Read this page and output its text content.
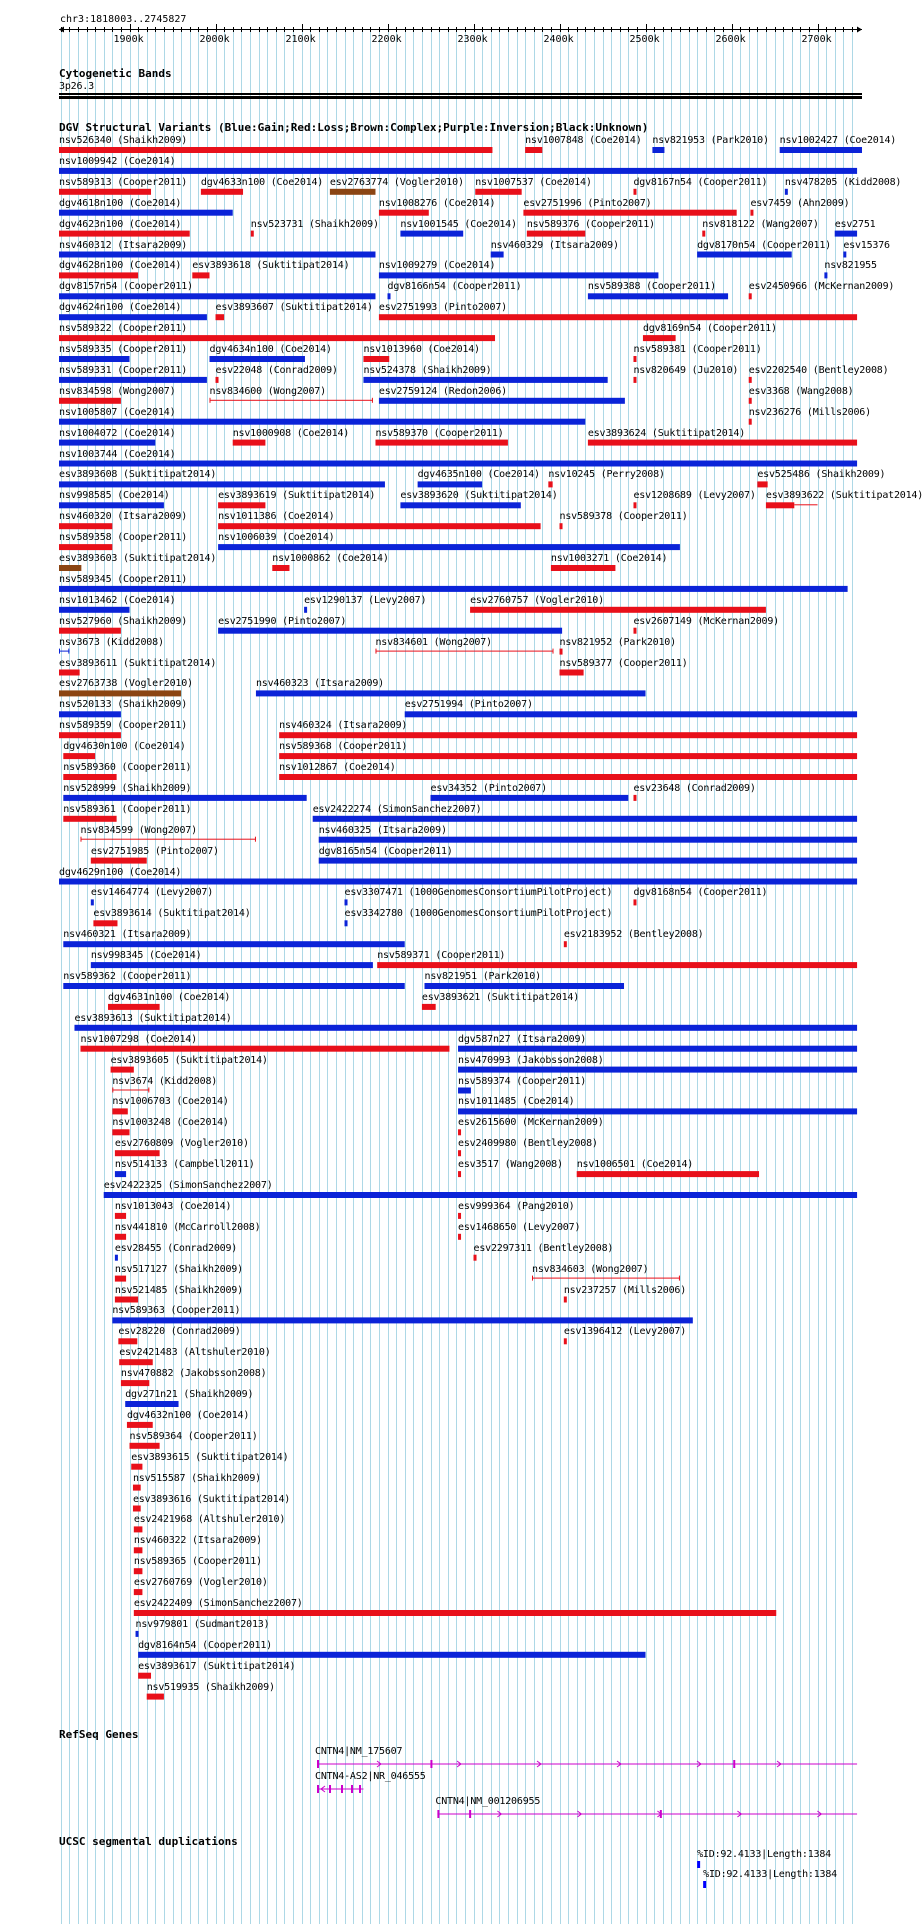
chr3:1818003..2745827
1900k	2000k	2100k	2200k	2300k	2400k	2500k	2600k	2700k
Cytogenetic Bands
3p26.3
DGV Structural Variants (Blue:Gain;Red:Loss;Brown:Complex;Purple:Inversion;Black:Unknown)
nsv526340 (Shaikh2009)	nsv1007848 (Coe2014) nsv821953 (Park2010) nsv1002427 (Coe2014)
nsv1009942 (Coe2014)
nsv589313 (Cooper2011) dgv4633n100 (Coe2014) esv2763774 (Vogler2010)
nsv1008276 (Coe2014)
nsv1007537 (Coe2014)	dgv8167n54 (Cooper2011) nsv478205 (Kidd2008)
dgv4618n100 (Coe2014)
nsv523731 (Shaikh2009)
esv2751996 (Pinto2007)	esv7459 (Ahn2009)
esv2751
nsv460312 (Itsara2009)
nsv1009279 (Coe2014)
dgv8170n54 (Cooper2011)
nsv821955
dgv8157n54 (Cooper2011)
esv2751993 (Pinto2007)
nsv589322 (Cooper2011)
nsv589376 (Cooper2011)
nsv589388 (Cooper2011)
esv15376
dgv4623n100 (Coe2014)
esv3893618 (Suktitipat2014)
nsv1013960 (Coe2014)
nsv460329 (Itsara2009)
dgv8169n54 (Cooper2011)
dgv4624n100 (Coe2014)
dgv4634n100 (Coe2014)
nsv524378 (Shaikh2009)
nsv589381 (Cooper2011)
nsv589331 (Cooper2011)
nsv834600 (Wong2007)	esv2759124 (Redon2006)
nsv818122 (Wang2007)
nsv1005807 (Coe2014)
esv3893624 (Suktitipat2014)
nsv1003744 (Coe2014)
esv3893607 (Suktitipat2014)
dgv8166n54 (Cooper2011)
nsv589335 (Cooper2011)
esv22048 (Conrad2009)
nsv589370 (Cooper2011)
nsv10245 (Perry2008)
esv2450966 (McKernan2009)
esv3893608 (Suktitipat2014)
esv3893620 (Suktitipat2014)
nsv589378 (Cooper2011)
esv2202540 (Bentley2008)
dgv4628n100 (Coe2014)
nsv1006039 (Coe2014)
esv3368 (Wang2008)
nsv834598 (Wong2007)
nsv1011386 (Coe2014)
nsv1003271 (Coe2014)
nsv236276 (Mills2006)
nsv589345 (Cooper2011)
nsv1004072 (Coe2014)
esv3893619 (Suktitipat2014)
nsv1001545 (Coe2014)
esv2760757 (Vogler2010)
esv3893603 (Suktitipat2014)
esv2751990 (Pinto2007)
nsv821952 (Park2010)
esv525486 (Shaikh2009)
nsv998585 (Coe2014)
nsv1000908 (Coe2014)
nsv834601 (Wong2007)
nsv589377 (Cooper2011)
esv3893622 (Suktitipat2014)
nsv460320 (Itsara2009)
nsv460323 (Itsara2009)
nsv589358 (Cooper2011)
nsv1000862 (Coe2014)
esv2751994 (Pinto2007)
nsv1013462 (Coe2014)
nsv460324 (Itsara2009)
nsv527960 (Shaikh2009)
nsv589368 (Cooper2011)
nsv3673 (Kidd2008)
nsv1012867 (Coe2014)
esv3893611 (Suktitipat2014)
esv1290137 (Levy2007)
esv34352 (Pinto2007)
esv2763738 (Vogler2010)
esv2422274 (SimonSanchez2007)
nsv520133 (Shaikh2009)
nsv460325 (Itsara2009)
nsv589359 (Cooper2011)
dgv8165n54 (Cooper2011)
dgv4629n100 (Coe2014)
dgv4630n100 (Coe2014)
esv3307471 (1000GenomesConsortiumPilotProject)
esv2607149 (McKernan2009)
nsv528999 (Shaikh2009)
esv3342780 (1000GenomesConsortiumPilotProject)
esv1208689 (Levy2007)
nsv460321 (Itsara2009)
dgv4635n100 (Coe2014)
esv2183952 (Bentley2008)
nsv589360 (Cooper2011)
nsv589371 (Cooper2011)
nsv589361 (Cooper2011)
nsv821951 (Park2010)
nsv589362 (Cooper2011)
esv3893621 (Suktitipat2014)
esv23648 (Conrad2009)
esv3893613 (Suktitipat2014)
dgv587n27 (Itsara2009)
nsv834599 (Wong2007)
nsv470993 (Jakobsson2008)
nsv1007298 (Coe2014)
nsv589374 (Cooper2011)
esv2751985 (Pinto2007)
nsv1011485 (Coe2014)
nsv998345 (Coe2014)
esv2615600 (McKernan2009)
nsv820649 (Ju2010)
esv1464774 (Levy2007)
esv2409980 (Bentley2008)
dgv8168n54 (Cooper2011)
esv3893614 (Suktitipat2014)
esv3517 (Wang2008) nsv1006501 (Coe2014)
esv2422325 (SimonSanchez2007)
dgv4631n100 (Coe2014)
esv999364 (Pang2010)
esv3893605 (Suktitipat2014)
esv1468650 (Levy2007)
nsv3674 (Kidd2008)
esv2297311 (Bentley2008)
nsv1006703 (Coe2014)
nsv834603 (Wong2007)
nsv1003248 (Coe2014)
nsv237257 (Mills2006)
nsv589363 (Cooper2011)
esv2760809 (Vogler2010)
esv1396412 (Levy2007)
nsv514133 (Campbell2011)
nsv1013043 (Coe2014)
nsv441810 (McCarroll2008)
esv28455 (Conrad2009)
nsv517127 (Shaikh2009)
nsv521485 (Shaikh2009)
esv28220 (Conrad2009)
esv2421483 (Altshuler2010)
nsv470882 (Jakobsson2008)
dgv271n21 (Shaikh2009)
dgv4632n100 (Coe2014)
nsv589364 (Cooper2011)
esv3893615 (Suktitipat2014)
nsv515587 (Shaikh2009)
esv3893616 (Suktitipat2014)
esv2421968 (Altshuler2010)
nsv460322 (Itsara2009)
nsv589365 (Cooper2011)
esv2760769 (Vogler2010)
esv2422409 (SimonSanchez2007)
nsv979801 (Sudmant2013)
dgv8164n54 (Cooper2011)
esv3893617 (Suktitipat2014)
nsv519935 (Shaikh2009)
RefSeq Genes
CNTN4|NM_175607
CNTN4-AS2|NR_046555
CNTN4|NM_001206955
UCSC segmental duplications
%ID:92.4133|Length:1384
%ID:92.4133|Length:1384
